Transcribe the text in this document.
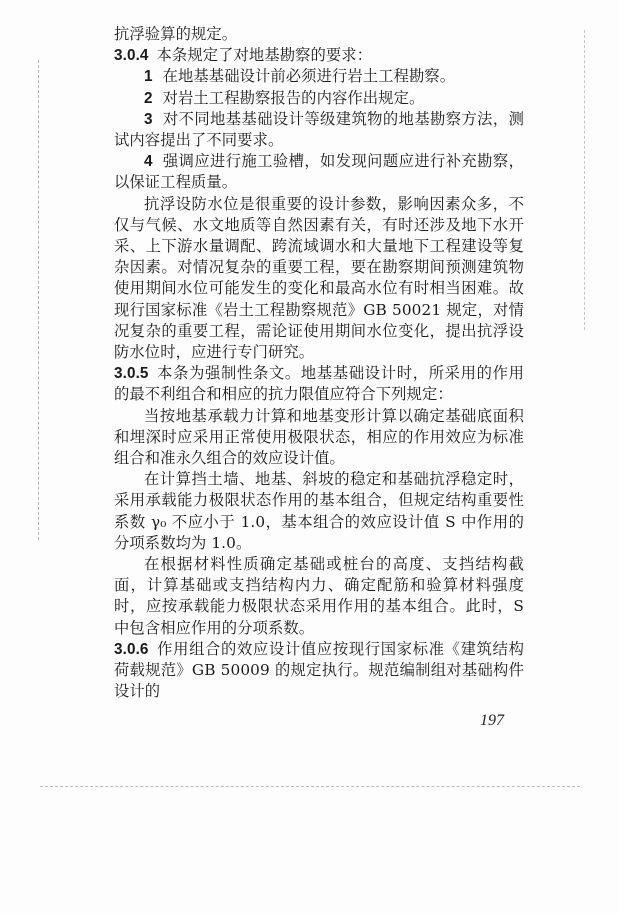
抗浮验算的规定。

3.0.4 本条规定了对地基勘察的要求：

1 在地基基础设计前必须进行岩土工程勘察。

2 对岩土工程勘察报告的内容作出规定。

3 对不同地基基础设计等级建筑物的地基勘察方法，测试内容提出了不同要求。

4 强调应进行施工验槽，如发现问题应进行补充勘察，以保证工程质量。

抗浮设防水位是很重要的设计参数，影响因素众多，不仅与气候、水文地质等自然因素有关，有时还涉及地下水开采、上下游水量调配、跨流域调水和大量地下工程建设等复杂因素。对情况复杂的重要工程，要在勘察期间预测建筑物使用期间水位可能发生的变化和最高水位有时相当困难。故现行国家标准《岩土工程勘察规范》GB 50021 规定，对情况复杂的重要工程，需论证使用期间水位变化，提出抗浮设防水位时，应进行专门研究。

3.0.5 本条为强制性条文。地基基础设计时，所采用的作用的最不利组合和相应的抗力限值应符合下列规定：

当按地基承载力计算和地基变形计算以确定基础底面积和埋深时应采用正常使用极限状态，相应的作用效应为标准组合和准永久组合的效应设计值。

在计算挡土墙、地基、斜坡的稳定和基础抗浮稳定时，采用承载能力极限状态作用的基本组合，但规定结构重要性系数 γ₀ 不应小于 1.0，基本组合的效应设计值 S 中作用的分项系数均为 1.0。

在根据材料性质确定基础或桩台的高度、支挡结构截面，计算基础或支挡结构内力、确定配筋和验算材料强度时，应按承载能力极限状态采用作用的基本组合。此时，S 中包含相应作用的分项系数。

3.0.6 作用组合的效应设计值应按现行国家标准《建筑结构荷载规范》GB 50009 的规定执行。规范编制组对基础构件设计的

197
